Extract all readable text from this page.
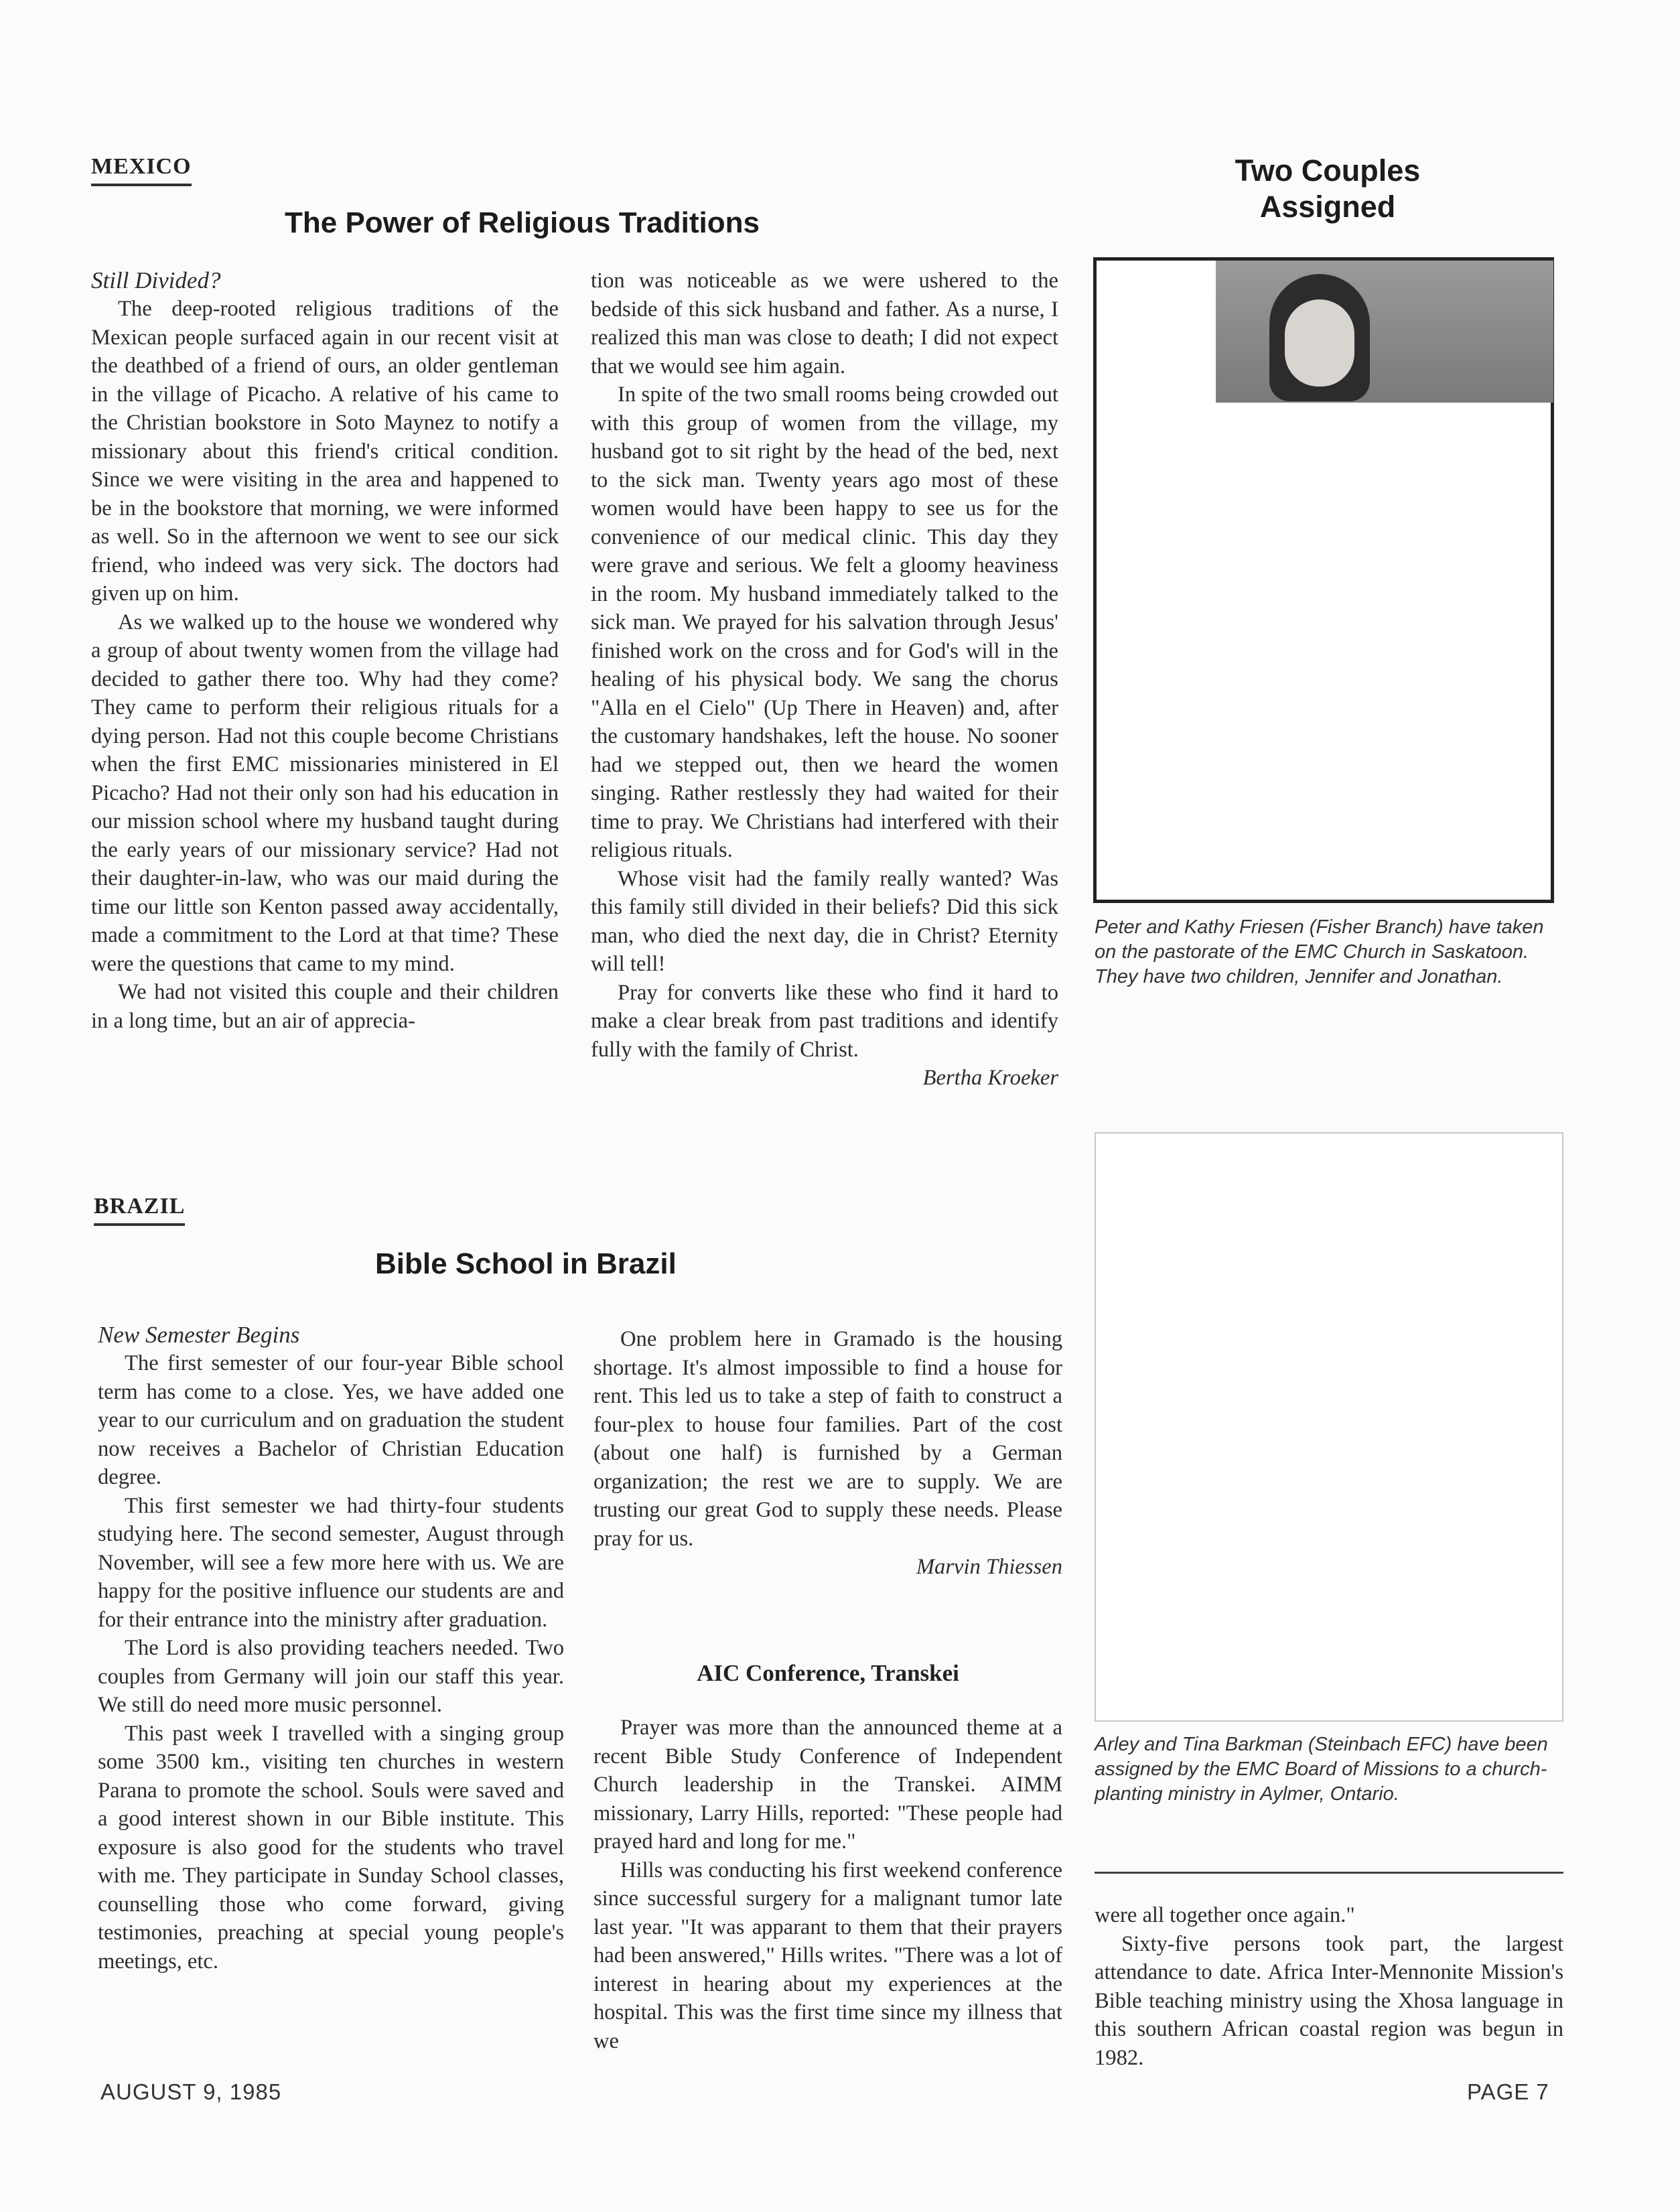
MEXICO
The Power of Religious Traditions
Still Divided?

The deep-rooted religious traditions of the Mexican people surfaced again in our recent visit at the deathbed of a friend of ours, an older gentleman in the village of Picacho. A relative of his came to the Christian bookstore in Soto Maynez to notify a missionary about this friend's critical condition. Since we were visiting in the area and happened to be in the bookstore that morning, we were informed as well. So in the afternoon we went to see our sick friend, who indeed was very sick. The doctors had given up on him.

As we walked up to the house we wondered why a group of about twenty women from the village had decided to gather there too. Why had they come? They came to perform their religious rituals for a dying person. Had not this couple become Christians when the first EMC missionaries ministered in El Picacho? Had not their only son had his education in our mission school where my husband taught during the early years of our missionary service? Had not their daughter-in-law, who was our maid during the time our little son Kenton passed away accidentally, made a commitment to the Lord at that time? These were the questions that came to my mind.

We had not visited this couple and their children in a long time, but an air of apprecia-

tion was noticeable as we were ushered to the bedside of this sick husband and father. As a nurse, I realized this man was close to death; I did not expect that we would see him again.

In spite of the two small rooms being crowded out with this group of women from the village, my husband got to sit right by the head of the bed, next to the sick man. Twenty years ago most of these women would have been happy to see us for the convenience of our medical clinic. This day they were grave and serious. We felt a gloomy heaviness in the room. My husband immediately talked to the sick man. We prayed for his salvation through Jesus' finished work on the cross and for God's will in the healing of his physical body. We sang the chorus "Alla en el Cielo" (Up There in Heaven) and, after the customary handshakes, left the house. No sooner had we stepped out, then we heard the women singing. Rather restlessly they had waited for their time to pray. We Christians had interfered with their religious rituals.

Whose visit had the family really wanted? Was this family still divided in their beliefs? Did this sick man, who died the next day, die in Christ? Eternity will tell!

Pray for converts like these who find it hard to make a clear break from past traditions and identify fully with the family of Christ.

Bertha Kroeker
Two Couples
Assigned
Peter and Kathy Friesen (Fisher Branch) have taken on the pastorate of the EMC Church in Saskatoon. They have two children, Jennifer and Jonathan.
Arley and Tina Barkman (Steinbach EFC) have been assigned by the EMC Board of Missions to a church-planting ministry in Aylmer, Ontario.
BRAZIL
Bible School in Brazil
New Semester Begins

The first semester of our four-year Bible school term has come to a close. Yes, we have added one year to our curriculum and on graduation the student now receives a Bachelor of Christian Education degree.

This first semester we had thirty-four students studying here. The second semester, August through November, will see a few more here with us. We are happy for the positive influence our students are and for their entrance into the ministry after graduation.

The Lord is also providing teachers needed. Two couples from Germany will join our staff this year. We still do need more music personnel.

This past week I travelled with a singing group some 3500 km., visiting ten churches in western Parana to promote the school. Souls were saved and a good interest shown in our Bible institute. This exposure is also good for the students who travel with me. They participate in Sunday School classes, counselling those who come forward, giving testimonies, preaching at special young people's meetings, etc.

One problem here in Gramado is the housing shortage. It's almost impossible to find a house for rent. This led us to take a step of faith to construct a four-plex to house four families. Part of the cost (about one half) is furnished by a German organization; the rest we are to supply. We are trusting our great God to supply these needs. Please pray for us.

Marvin Thiessen
AIC Conference, Transkei

Prayer was more than the announced theme at a recent Bible Study Conference of Independent Church leadership in the Transkei. AIMM missionary, Larry Hills, reported: "These people had prayed hard and long for me."

Hills was conducting his first weekend conference since successful surgery for a malignant tumor late last year. "It was apparant to them that their prayers had been answered," Hills writes. "There was a lot of interest in hearing about my experiences at the hospital. This was the first time since my illness that we

were all together once again."

Sixty-five persons took part, the largest attendance to date. Africa Inter-Mennonite Mission's Bible teaching ministry using the Xhosa language in this southern African coastal region was begun in 1982.

AUGUST 9, 1985	PAGE 7
